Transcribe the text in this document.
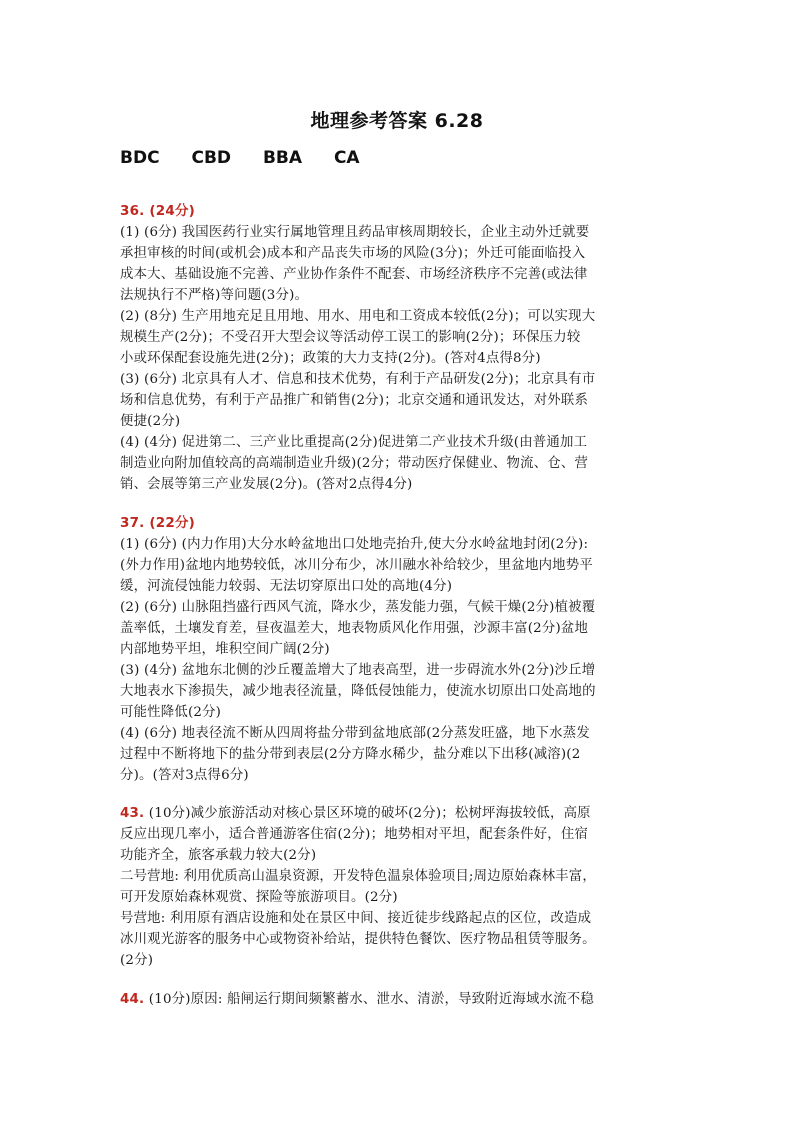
地理参考答案 6.28
BDC CBD BBA CA
36. (24分)
(1) (6分) 我国医药行业实行属地管理且药品审核周期较长，企业主动外迁就要
承担审核的时间(或机会)成本和产品丧失市场的风险(3分)；外迁可能面临投入
成本大、基础设施不完善、产业协作条件不配套、市场经济秩序不完善(或法律
法规执行不严格)等问题(3分)。
(2) (8分) 生产用地充足且用地、用水、用电和工资成本较低(2分)；可以实现大
规模生产(2分)；不受召开大型会议等活动停工误工的影响(2分)；环保压力较
小或环保配套设施先进(2分)；政策的大力支持(2分)。(答对4点得8分)
(3) (6分) 北京具有人才、信息和技术优势，有利于产品研发(2分)；北京具有市
场和信息优势，有利于产品推广和销售(2分)；北京交通和通讯发达，对外联系
便捷(2分)
(4) (4分) 促进第二、三产业比重提高(2分)促进第二产业技术升级(由普通加工
制造业向附加值较高的高端制造业升级)(2分；带动医疗保健业、物流、仓、营
销、会展等第三产业发展(2分)。(答对2点得4分)
37. (22分)
(1) (6分) (内力作用)大分水岭盆地出口处地壳抬升,使大分水岭盆地封闭(2分):
(外力作用)盆地内地势较低，冰川分布少，冰川融水补给较少，里盆地内地势平
缓，河流侵蚀能力较弱、无法切穿原出口处的高地(4分)
(2) (6分) 山脉阻挡盛行西风气流，降水少，蒸发能力强，气候干燥(2分)植被覆
盖率低，土壤发育差，昼夜温差大，地表物质风化作用强，沙源丰富(2分)盆地
内部地势平坦，堆积空间广阔(2分)
(3) (4分) 盆地东北侧的沙丘覆盖增大了地表高型，进一步碍流水外(2分)沙丘增
大地表水下渗损失，减少地表径流量，降低侵蚀能力，使流水切原出口处高地的
可能性降低(2分)
(4) (6分) 地表径流不断从四周将盐分带到盆地底部(2分蒸发旺盛，地下水蒸发
过程中不断将地下的盐分带到表层(2分方降水稀少，盐分难以下出移(减溶)(2
分)。(答对3点得6分)
43. (10分)减少旅游活动对核心景区环境的破坏(2分)；松树坪海拔较低，高原
反应出现几率小，适合普通游客住宿(2分)；地势相对平坦，配套条件好，住宿
功能齐全，旅客承载力较大(2分)
二号营地: 利用优质高山温泉资源，开发特色温泉体验项目;周边原始森林丰富，
可开发原始森林观赏、探险等旅游项目。(2分)
号营地: 利用原有酒店设施和处在景区中间、接近徒步线路起点的区位，改造成
冰川观光游客的服务中心或物资补给站，提供特色餐饮、医疗物品租赁等服务。
(2分)
44. (10分)原因: 船闸运行期间频繁蓄水、泄水、清淤，导致附近海域水流不稳
